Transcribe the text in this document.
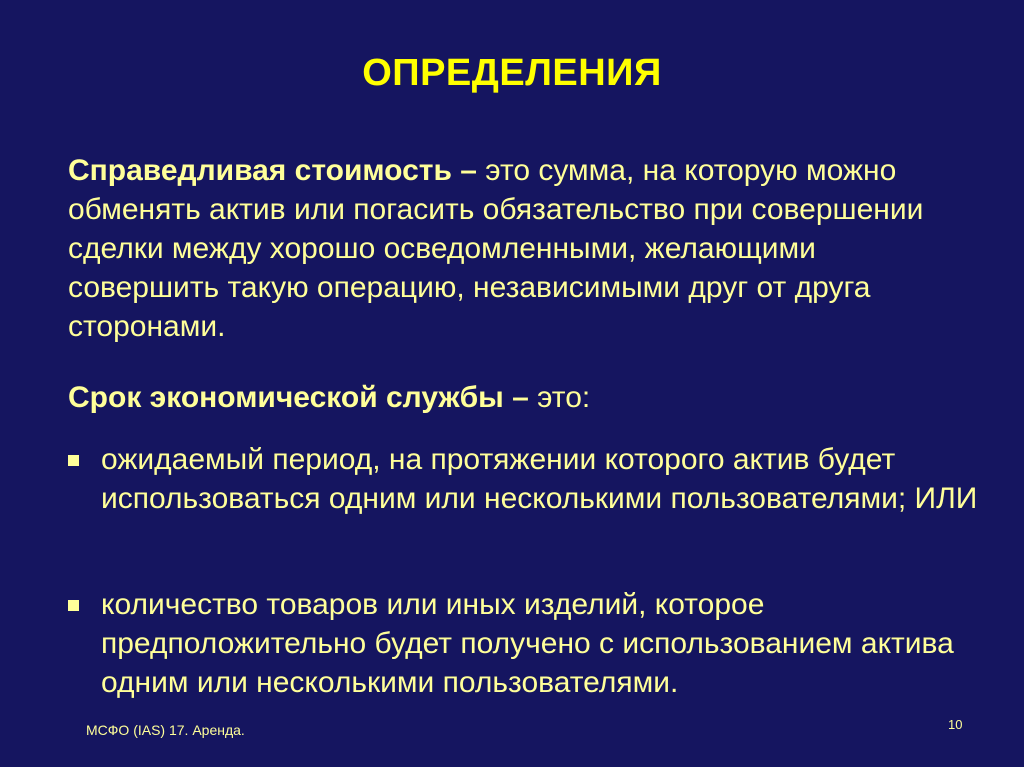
ОПРЕДЕЛЕНИЯ
Справедливая стоимость – это сумма, на которую можно обменять актив или погасить обязательство при совершении сделки между хорошо осведомленными, желающими совершить такую операцию, независимыми друг от друга сторонами.
Срок экономической службы – это:
ожидаемый период, на протяжении которого актив будет использоваться одним или несколькими пользователями; ИЛИ
количество товаров или иных изделий, которое предположительно будет получено с использованием актива одним или несколькими пользователями.
МСФО (IAS) 17. Аренда.	10
